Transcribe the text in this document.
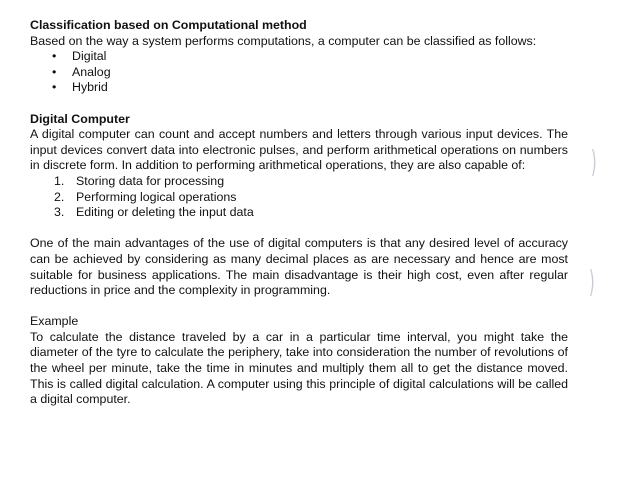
Classification based on Computational method

Based on the way a system performs computations, a computer can be classified as follows:

• Digital
• Analog
• Hybrid
Digital Computer

A digital computer can count and accept numbers and letters through various input devices. The input devices convert data into electronic pulses, and perform arithmetical operations on numbers in discrete form. In addition to performing arithmetical operations, they are also capable of:

1. Storing data for processing
2. Performing logical operations
3. Editing or deleting the input data

One of the main advantages of the use of digital computers is that any desired level of accuracy can be achieved by considering as many decimal places as are necessary and hence are most suitable for business applications. The main disadvantage is their high cost, even after regular reductions in price and the complexity in programming.

Example

To calculate the distance traveled by a car in a particular time interval, you might take the diameter of the tyre to calculate the periphery, take into consideration the number of revolutions of the wheel per minute, take the time in minutes and multiply them all to get the distance moved. This is called digital calculation. A computer using this principle of digital calculations will be called a digital computer.

)
)
